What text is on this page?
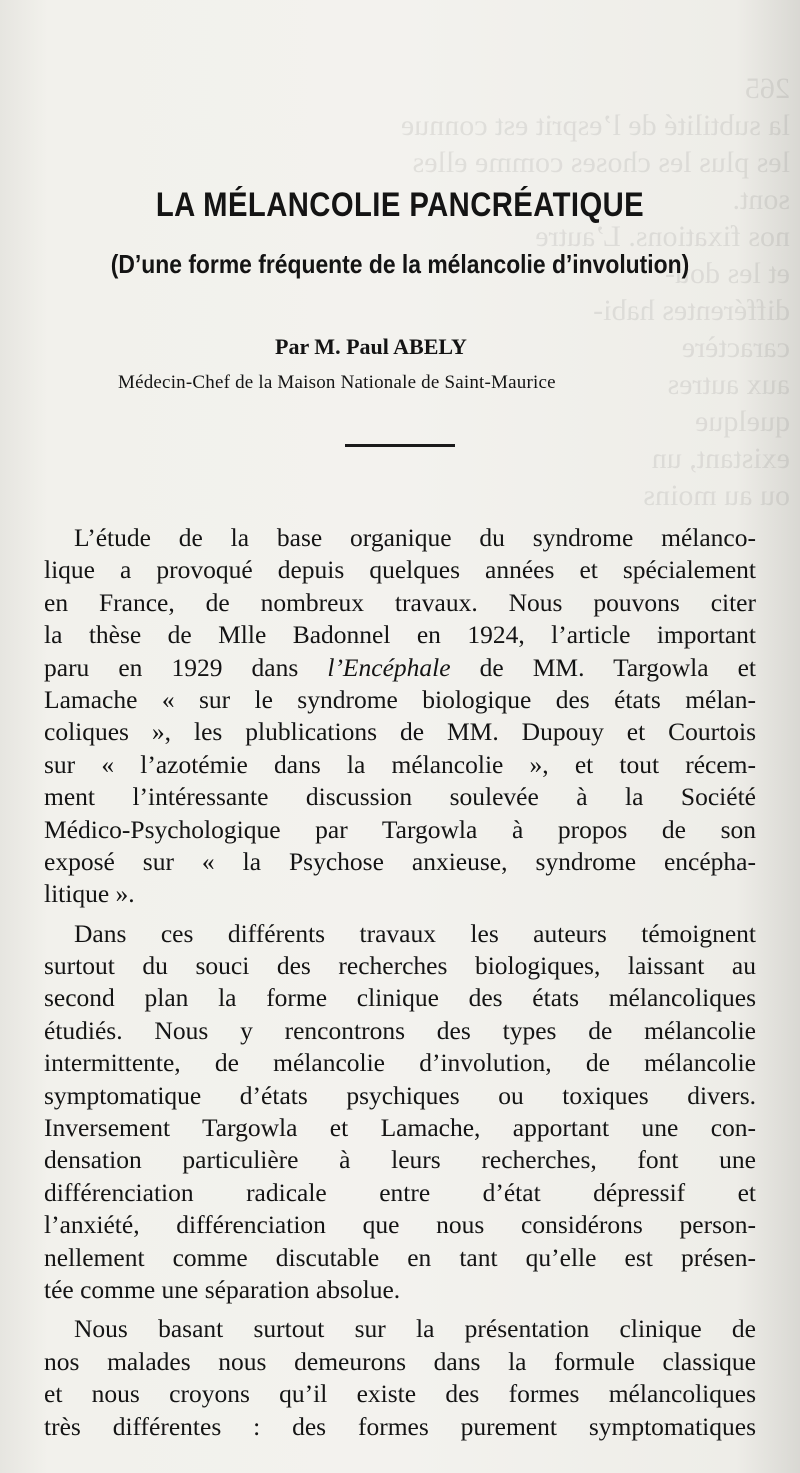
265
la subtilité de l’esprit est connue
les plus les choses comme elles
sont.
nos fixations. L’autre
et les dou-
différentes habi-
caractère
aux autres
quelque
existant, un
ou au moins
LA MÉLANCOLIE PANCRÉATIQUE
(D’une forme fréquente de la mélancolie d’involution)
Par M. Paul ABELY
Médecin-Chef de la Maison Nationale de Saint-Maurice
L’étude de la base organique du syndrome mélanco-
lique a provoqué depuis quelques années et spécialement
en France, de nombreux travaux. Nous pouvons citer
la thèse de Mlle Badonnel en 1924, l’article important
paru en 1929 dans l’Encéphale de MM. Targowla et
Lamache « sur le syndrome biologique des états mélan-
coliques », les plublications de MM. Dupouy et Courtois
sur « l’azotémie dans la mélancolie », et tout récem-
ment l’intéressante discussion soulevée à la Société
Médico-Psychologique par Targowla à propos de son
exposé sur « la Psychose anxieuse, syndrome encépha-
litique ».
Dans ces différents travaux les auteurs témoignent
surtout du souci des recherches biologiques, laissant au
second plan la forme clinique des états mélancoliques
étudiés. Nous y rencontrons des types de mélancolie
intermittente, de mélancolie d’involution, de mélancolie
symptomatique d’états psychiques ou toxiques divers.
Inversement Targowla et Lamache, apportant une con-
densation particulière à leurs recherches, font une
différenciation radicale entre d’état dépressif et
l’anxiété, différenciation que nous considérons person-
nellement comme discutable en tant qu’elle est présen-
tée comme une séparation absolue.
Nous basant surtout sur la présentation clinique de
nos malades nous demeurons dans la formule classique
et nous croyons qu’il existe des formes mélancoliques
très différentes : des formes purement symptomatiques
